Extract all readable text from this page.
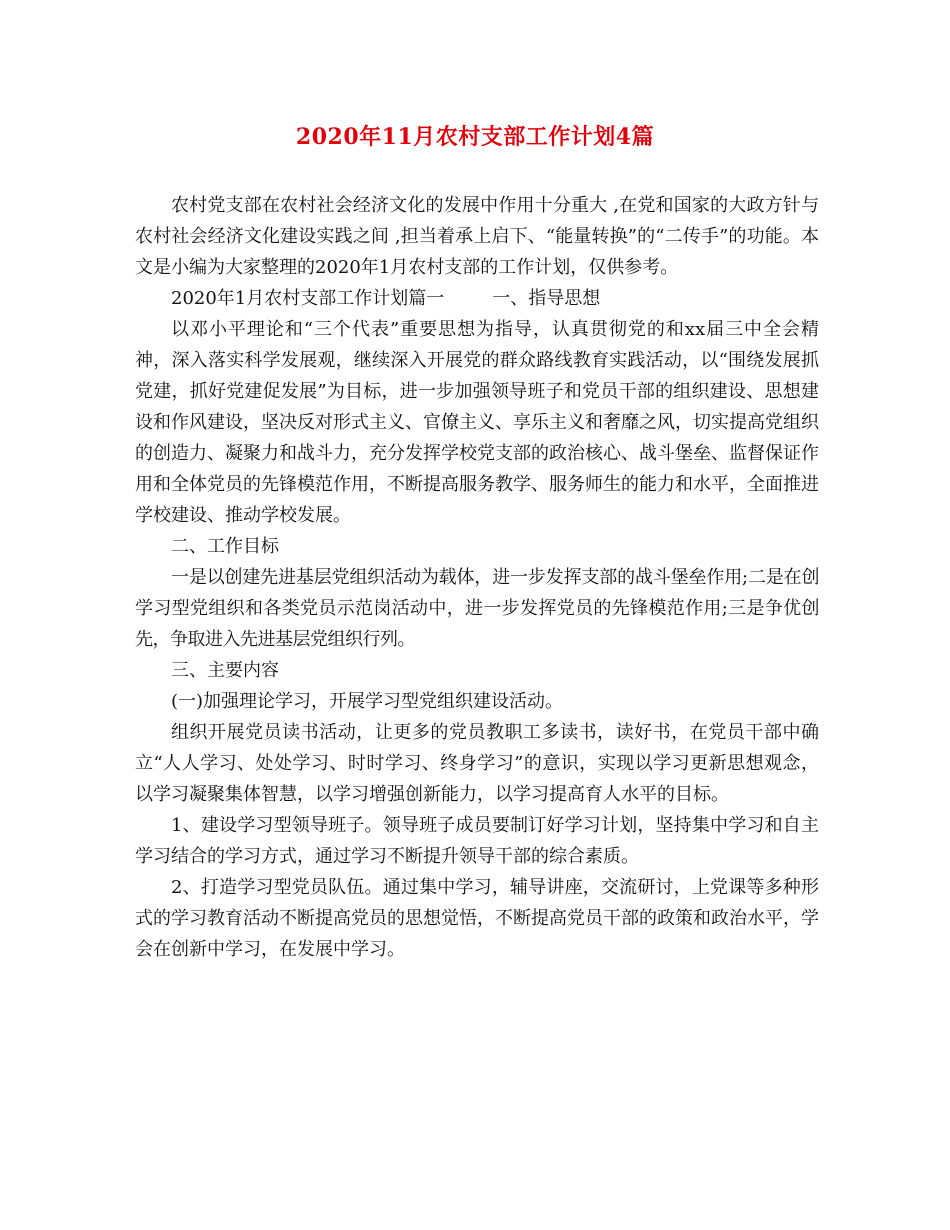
2020年11月农村支部工作计划4篇

农村党支部在农村社会经济文化的发展中作用十分重大 ,在党和国家的大政方针与农村社会经济文化建设实践之间 ,担当着承上启下、“能量转换”的“二传手”的功能。本文是小编为大家整理的2020年1月农村支部的工作计划，仅供参考。

2020年1月农村支部工作计划篇一	一、指导思想

以邓小平理论和“三个代表”重要思想为指导，认真贯彻党的和xx届三中全会精神，深入落实科学发展观，继续深入开展党的群众路线教育实践活动，以“围绕发展抓党建，抓好党建促发展”为目标，进一步加强领导班子和党员干部的组织建设、思想建设和作风建设，坚决反对形式主义、官僚主义、享乐主义和奢靡之风，切实提高党组织的创造力、凝聚力和战斗力，充分发挥学校党支部的政治核心、战斗堡垒、监督保证作用和全体党员的先锋模范作用，不断提高服务教学、服务师生的能力和水平，全面推进学校建设、推动学校发展。

二、工作目标

一是以创建先进基层党组织活动为载体，进一步发挥支部的战斗堡垒作用;二是在创学习型党组织和各类党员示范岗活动中，进一步发挥党员的先锋模范作用;三是争优创先，争取进入先进基层党组织行列。

三、主要内容

(一)加强理论学习，开展学习型党组织建设活动。

组织开展党员读书活动，让更多的党员教职工多读书，读好书，在党员干部中确立“人人学习、处处学习、时时学习、终身学习”的意识，实现以学习更新思想观念，以学习凝聚集体智慧，以学习增强创新能力，以学习提高育人水平的目标。

1、建设学习型领导班子。领导班子成员要制订好学习计划，坚持集中学习和自主学习结合的学习方式，通过学习不断提升领导干部的综合素质。

2、打造学习型党员队伍。通过集中学习，辅导讲座，交流研讨，上党课等多种形式的学习教育活动不断提高党员的思想觉悟，不断提高党员干部的政策和政治水平，学会在创新中学习，在发展中学习。
